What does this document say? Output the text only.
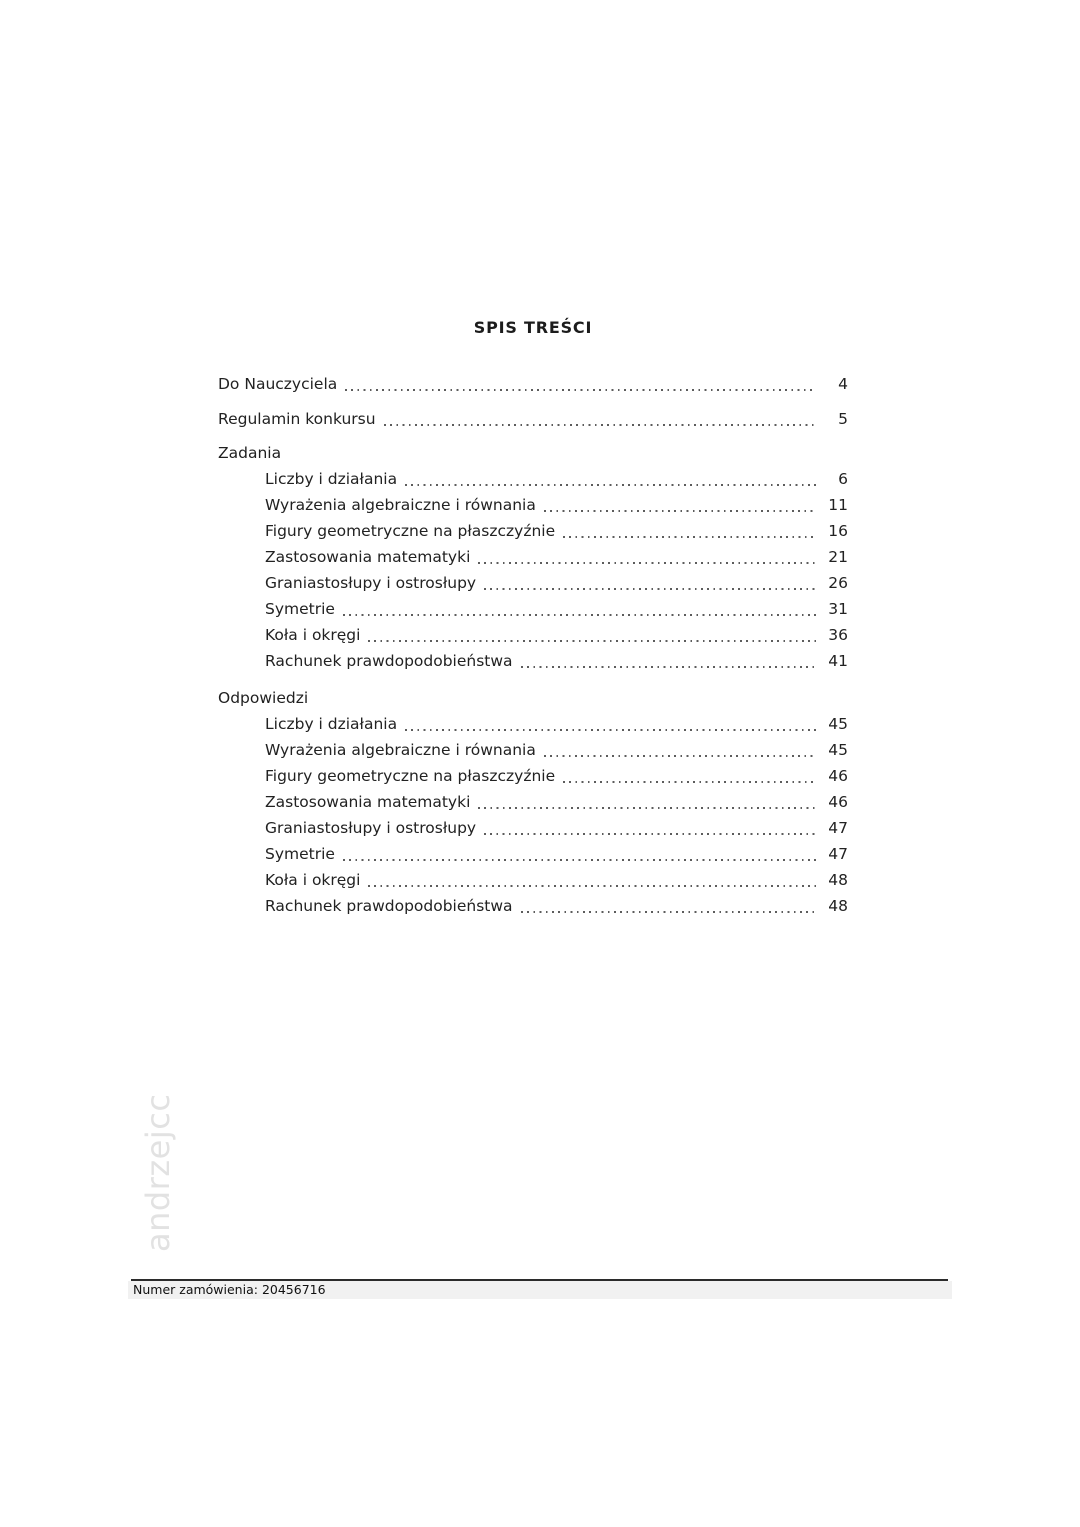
SPIS TREŚCI
Do Nauczyciela	4
Regulamin konkursu	5
Zadania
Liczby i działania	6
Wyrażenia algebraiczne i równania	11
Figury geometryczne na płaszczyźnie	16
Zastosowania matematyki	21
Graniastosłupy i ostrosłupy	26
Symetrie	31
Koła i okręgi	36
Rachunek prawdopodobieństwa	41
Odpowiedzi
Liczby i działania	45
Wyrażenia algebraiczne i równania	45
Figury geometryczne na płaszczyźnie	46
Zastosowania matematyki	46
Graniastosłupy i ostrosłupy	47
Symetrie	47
Koła i okręgi	48
Rachunek prawdopodobieństwa	48
andrzejcc
Numer zamówienia: 20456716
